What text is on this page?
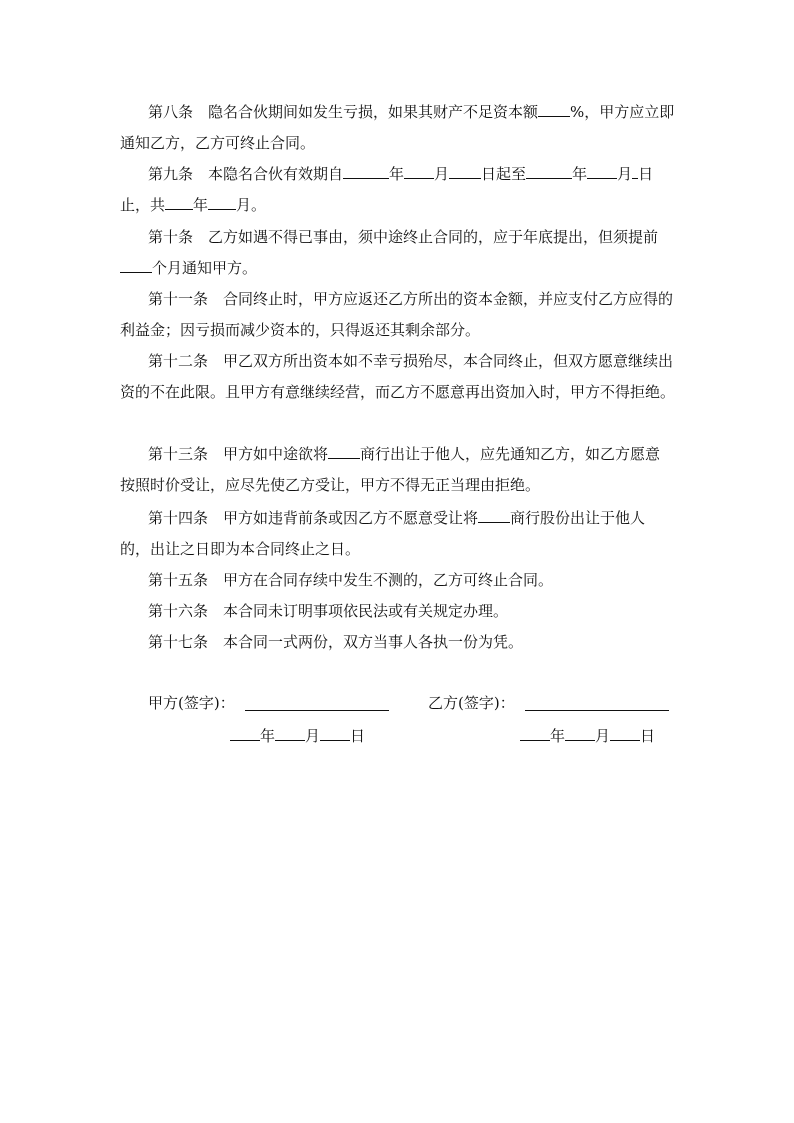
第八条　隐名合伙期间如发生亏损，如果其财产不足资本额 %，甲方应立即通知乙方，乙方可终止合同。
第九条　本隐名合伙有效期自	年 月 日起至	年 月 日止，共 年 月。
第十条　乙方如遇不得已事由，须中途终止合同的，应于年底提出，但须提前个月通知甲方。
第十一条　合同终止时，甲方应返还乙方所出的资本金额，并应支付乙方应得的利益金；因亏损而减少资本的，只得返还其剩余部分。
第十二条　甲乙双方所出资本如不幸亏损殆尽，本合同终止，但双方愿意继续出资的不在此限。且甲方有意继续经营，而乙方不愿意再出资加入时，甲方不得拒绝。
第十三条　甲方如中途欲将 商行出让于他人，应先通知乙方，如乙方愿意按照时价受让，应尽先使乙方受让，甲方不得无正当理由拒绝。
第十四条　甲方如违背前条或因乙方不愿意受让将 商行股份出让于他人的，出让之日即为本合同终止之日。
第十五条　甲方在合同存续中发生不测的，乙方可终止合同。
第十六条　本合同未订明事项依民法或有关规定办理。
第十七条　本合同一式两份，双方当事人各执一份为凭。
甲方(签字)：	乙方(签字)：
年 月 日	年 月 日
